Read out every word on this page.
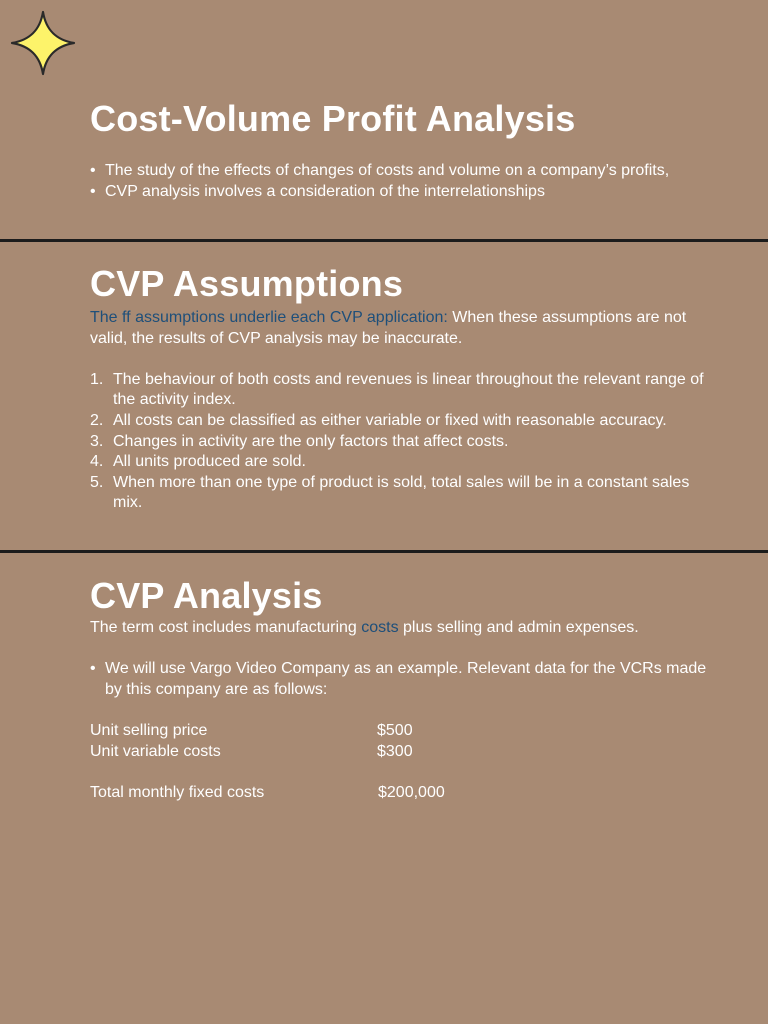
Cost-Volume Profit Analysis
• The study of the effects of changes of costs and volume on a company’s profits,
• CVP analysis involves a consideration of the interrelationships
CVP Assumptions
The ff assumptions underlie each CVP application: When these assumptions are not valid, the results of CVP analysis may be inaccurate.
1. The behaviour of both costs and revenues is linear throughout the relevant range of the activity index.
2. All costs can be classified as either variable or fixed with reasonable accuracy.
3. Changes in activity are the only factors that affect costs.
4. All units produced are sold.
5. When more than one type of product is sold, total sales will be in a constant sales mix.
CVP Analysis
The term cost includes manufacturing costs plus selling and admin expenses.
• We will use Vargo Video Company as an example. Relevant data for the VCRs made by this company are as follows:
Unit selling price	$500
Unit variable costs	$300
Total monthly fixed costs	$200,000
